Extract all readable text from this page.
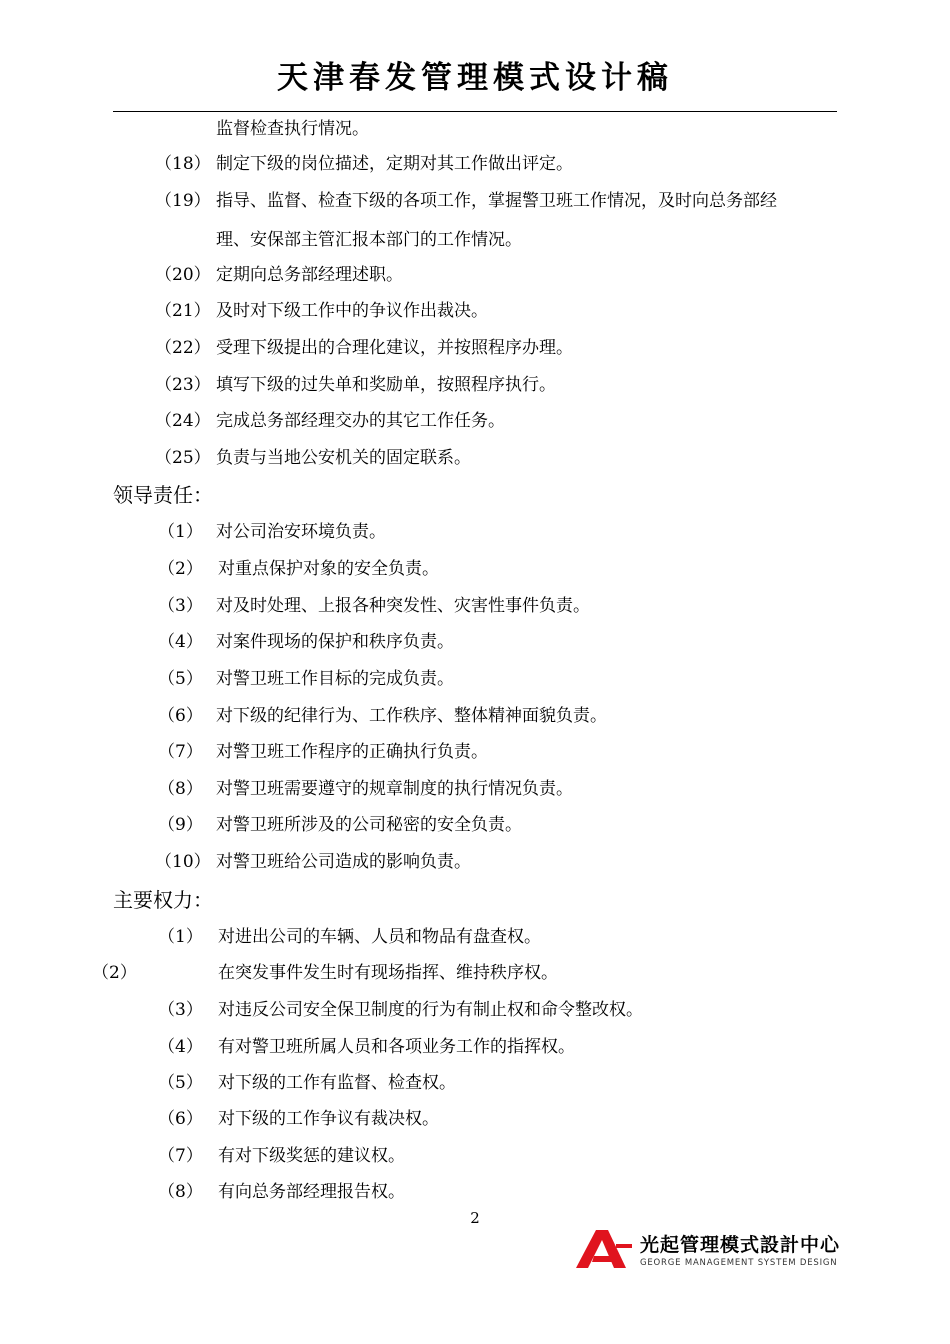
天津春发管理模式设计稿
监督检查执行情况。
（18） 制定下级的岗位描述，定期对其工作做出评定。
（19） 指导、监督、检查下级的各项工作，掌握警卫班工作情况，及时向总务部经
理、安保部主管汇报本部门的工作情况。
（20） 定期向总务部经理述职。
（21） 及时对下级工作中的争议作出裁决。
（22） 受理下级提出的合理化建议，并按照程序办理。
（23） 填写下级的过失单和奖励单，按照程序执行。
（24） 完成总务部经理交办的其它工作任务。
（25） 负责与当地公安机关的固定联系。
领导责任：
（1） 对公司治安环境负责。
（2） 对重点保护对象的安全负责。
（3） 对及时处理、上报各种突发性、灾害性事件负责。
（4） 对案件现场的保护和秩序负责。
（5） 对警卫班工作目标的完成负责。
（6） 对下级的纪律行为、工作秩序、整体精神面貌负责。
（7） 对警卫班工作程序的正确执行负责。
（8） 对警卫班需要遵守的规章制度的执行情况负责。
（9） 对警卫班所涉及的公司秘密的安全负责。
（10） 对警卫班给公司造成的影响负责。
主要权力：
（1） 对进出公司的车辆、人员和物品有盘查权。
（2）	在突发事件发生时有现场指挥、维持秩序权。
（3） 对违反公司安全保卫制度的行为有制止权和命令整改权。
（4） 有对警卫班所属人员和各项业务工作的指挥权。
（5） 对下级的工作有监督、检查权。
（6） 对下级的工作争议有裁决权。
（7） 有对下级奖惩的建议权。
（8） 有向总务部经理报告权。
2
光起管理模式設計中心
GEORGE MANAGEMENT SYSTEM DESIGN
